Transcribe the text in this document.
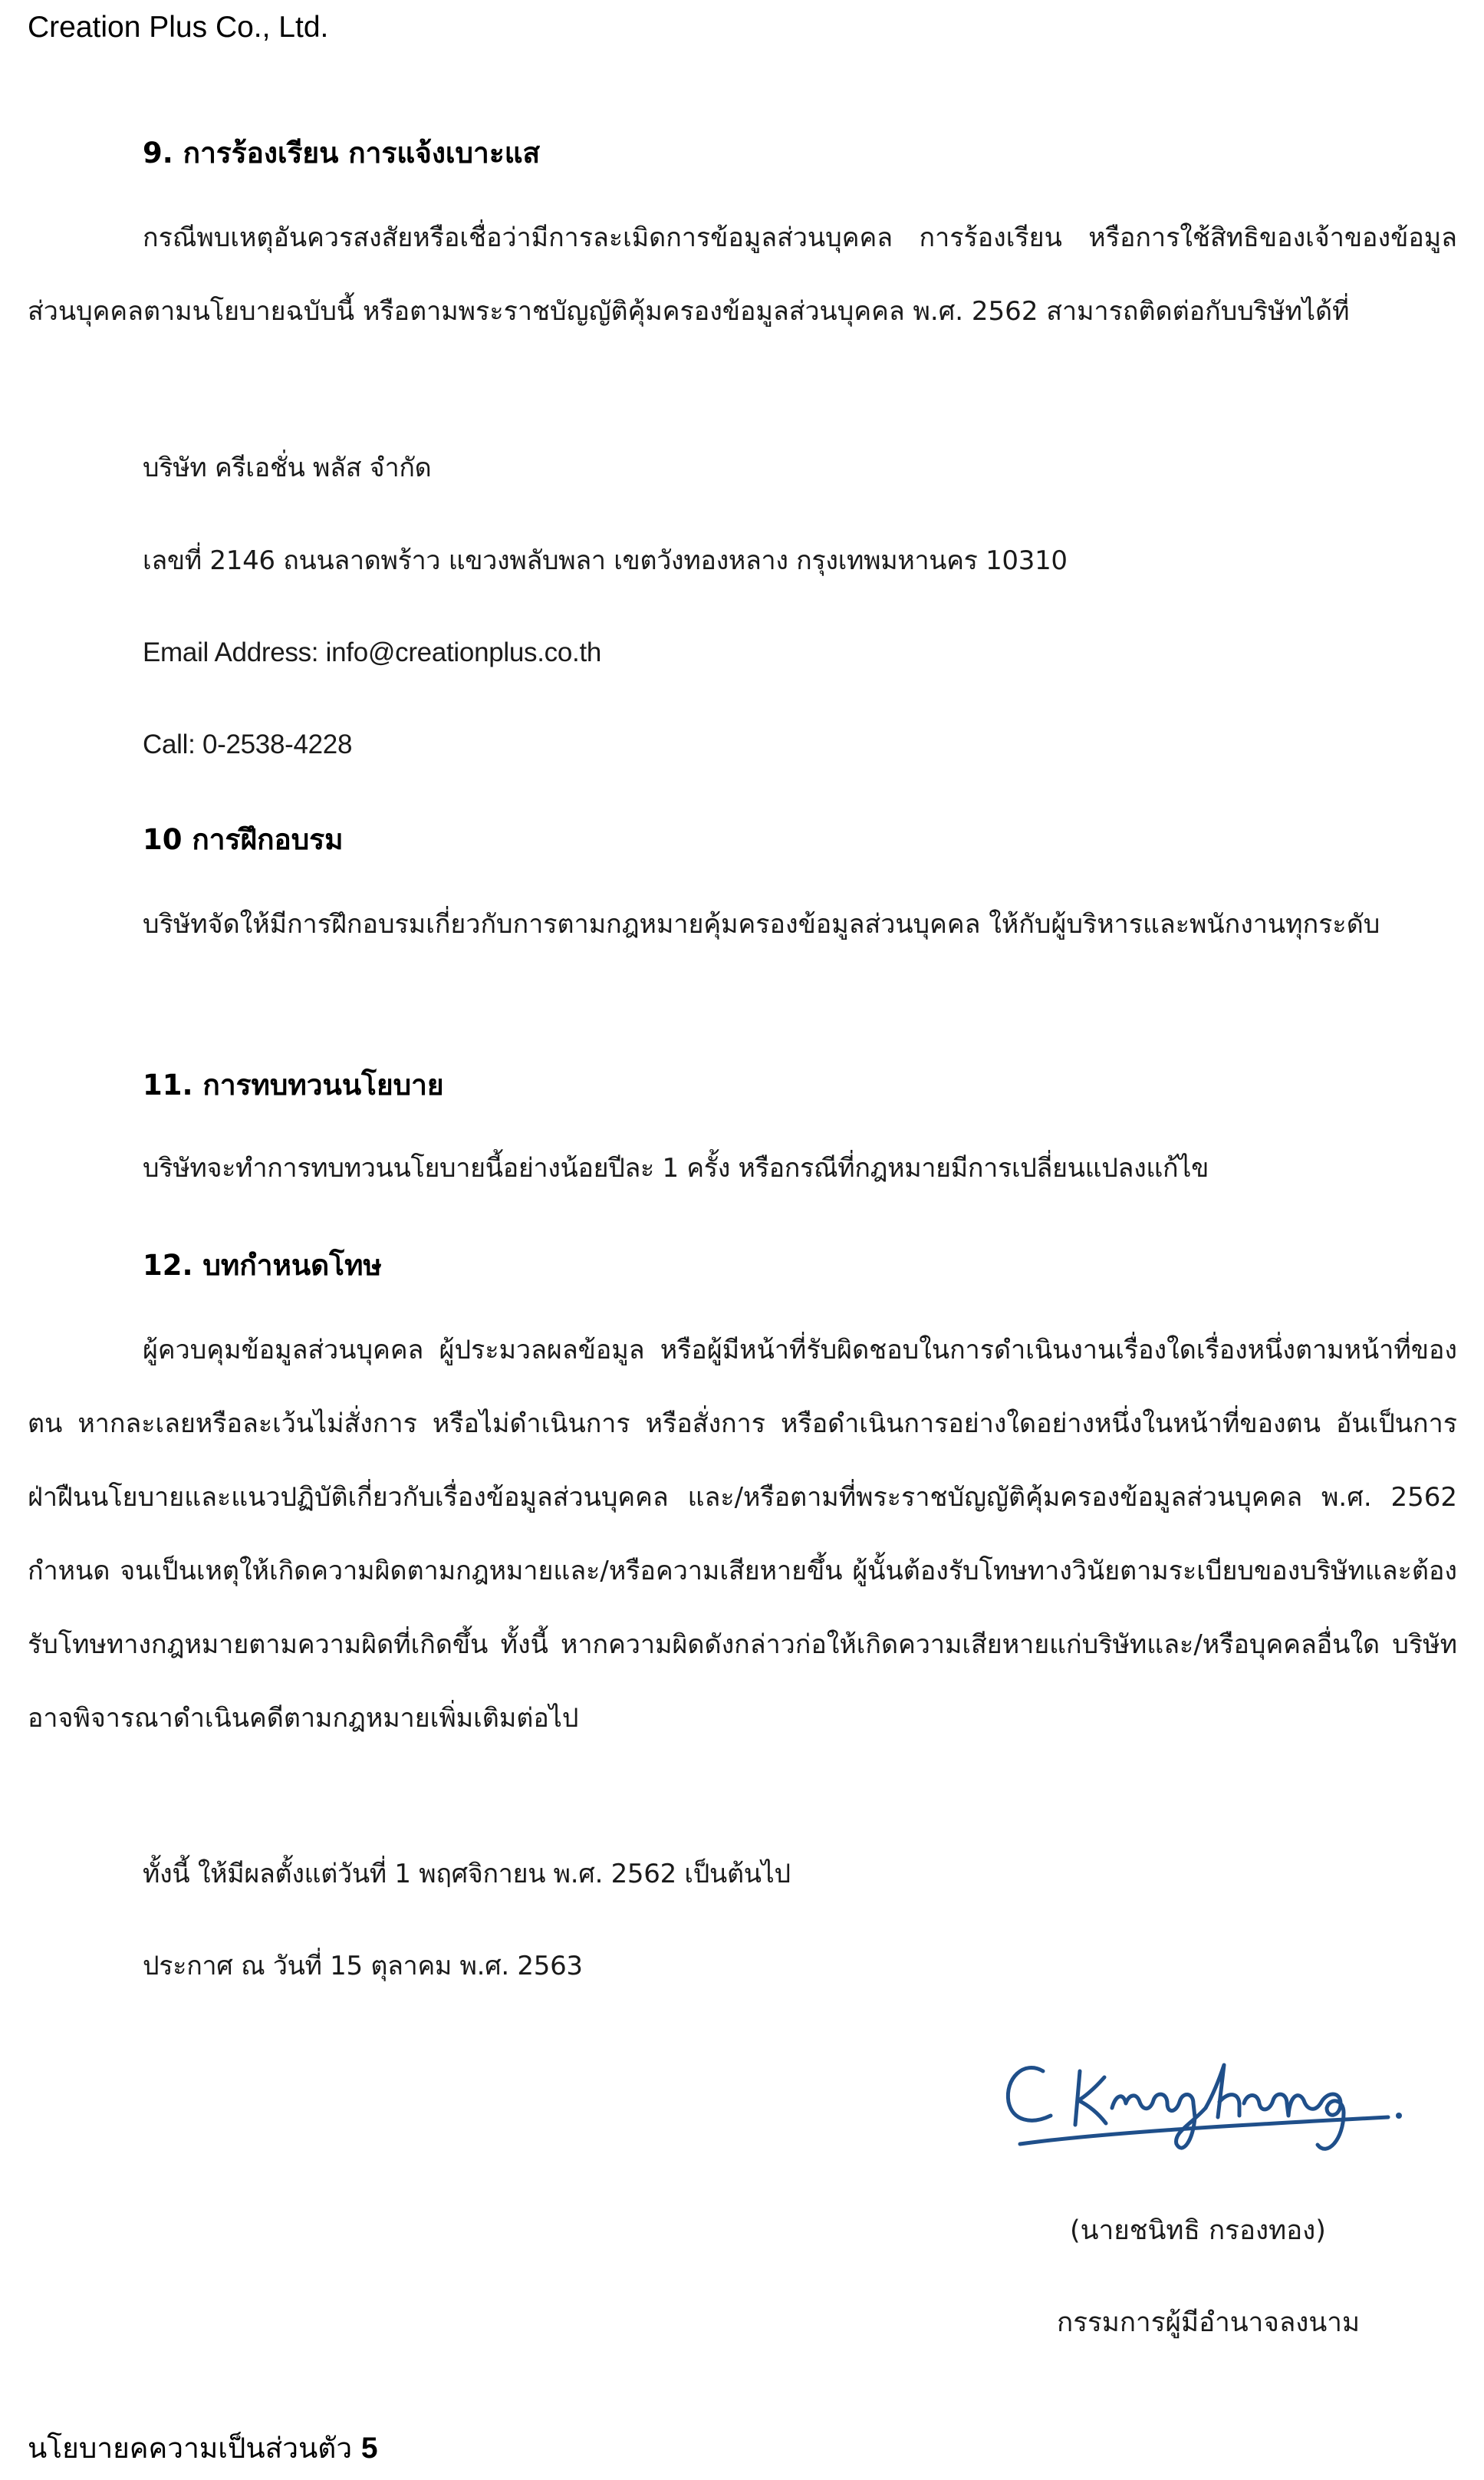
Creation Plus Co., Ltd.
9. การร้องเรียน การแจ้งเบาะแส

กรณีพบเหตุอันควรสงสัยหรือเชื่อว่ามีการละเมิดการข้อมูลส่วนบุคคล การร้องเรียน หรือการใช้สิทธิของเจ้าของข้อมูลส่วนบุคคลตามนโยบายฉบับนี้ หรือตามพระราชบัญญัติคุ้มครองข้อมูลส่วนบุคคล พ.ศ. 2562 สามารถติดต่อกับบริษัทได้ที่

บริษัท ครีเอชั่น พลัส จำกัด
เลขที่ 2146 ถนนลาดพร้าว แขวงพลับพลา เขตวังทองหลาง กรุงเทพมหานคร 10310
Email Address: info@creationplus.co.th
Call: 0-2538-4228
10 การฝึกอบรม

บริษัทจัดให้มีการฝึกอบรมเกี่ยวกับการตามกฎหมายคุ้มครองข้อมูลส่วนบุคคล ให้กับผู้บริหารและพนักงานทุกระดับ

11. การทบทวนนโยบาย
บริษัทจะทำการทบทวนนโยบายนี้อย่างน้อยปีละ 1 ครั้ง หรือกรณีที่กฎหมายมีการเปลี่ยนแปลงแก้ไข
12. บทกำหนดโทษ

ผู้ควบคุมข้อมูลส่วนบุคคล ผู้ประมวลผลข้อมูล หรือผู้มีหน้าที่รับผิดชอบในการดำเนินงานเรื่องใดเรื่องหนึ่งตามหน้าที่ของตน หากละเลยหรือละเว้นไม่สั่งการ หรือไม่ดำเนินการ หรือสั่งการ หรือดำเนินการอย่างใดอย่างหนึ่งในหน้าที่ของตน อันเป็นการฝ่าฝืนนโยบายและแนวปฏิบัติเกี่ยวกับเรื่องข้อมูลส่วนบุคคล และ/หรือตามที่พระราชบัญญัติคุ้มครองข้อมูลส่วนบุคคล พ.ศ. 2562 กำหนด จนเป็นเหตุให้เกิดความผิดตามกฎหมายและ/หรือความเสียหายขึ้น ผู้นั้นต้องรับโทษทางวินัยตามระเบียบของบริษัทและต้องรับโทษทางกฎหมายตามความผิดที่เกิดขึ้น ทั้งนี้ หากความผิดดังกล่าวก่อให้เกิดความเสียหายแก่บริษัทและ/หรือบุคคลอื่นใด บริษัทอาจพิจารณาดำเนินคดีตามกฎหมายเพิ่มเติมต่อไป

ทั้งนี้ ให้มีผลตั้งแต่วันที่ 1 พฤศจิกายน พ.ศ. 2562 เป็นต้นไป
ประกาศ ณ วันที่ 15 ตุลาคม พ.ศ. 2563
(นายชนิทธิ กรองทอง)
กรรมการผู้มีอำนาจลงนาม
นโยบายคความเป็นส่วนตัว 5
